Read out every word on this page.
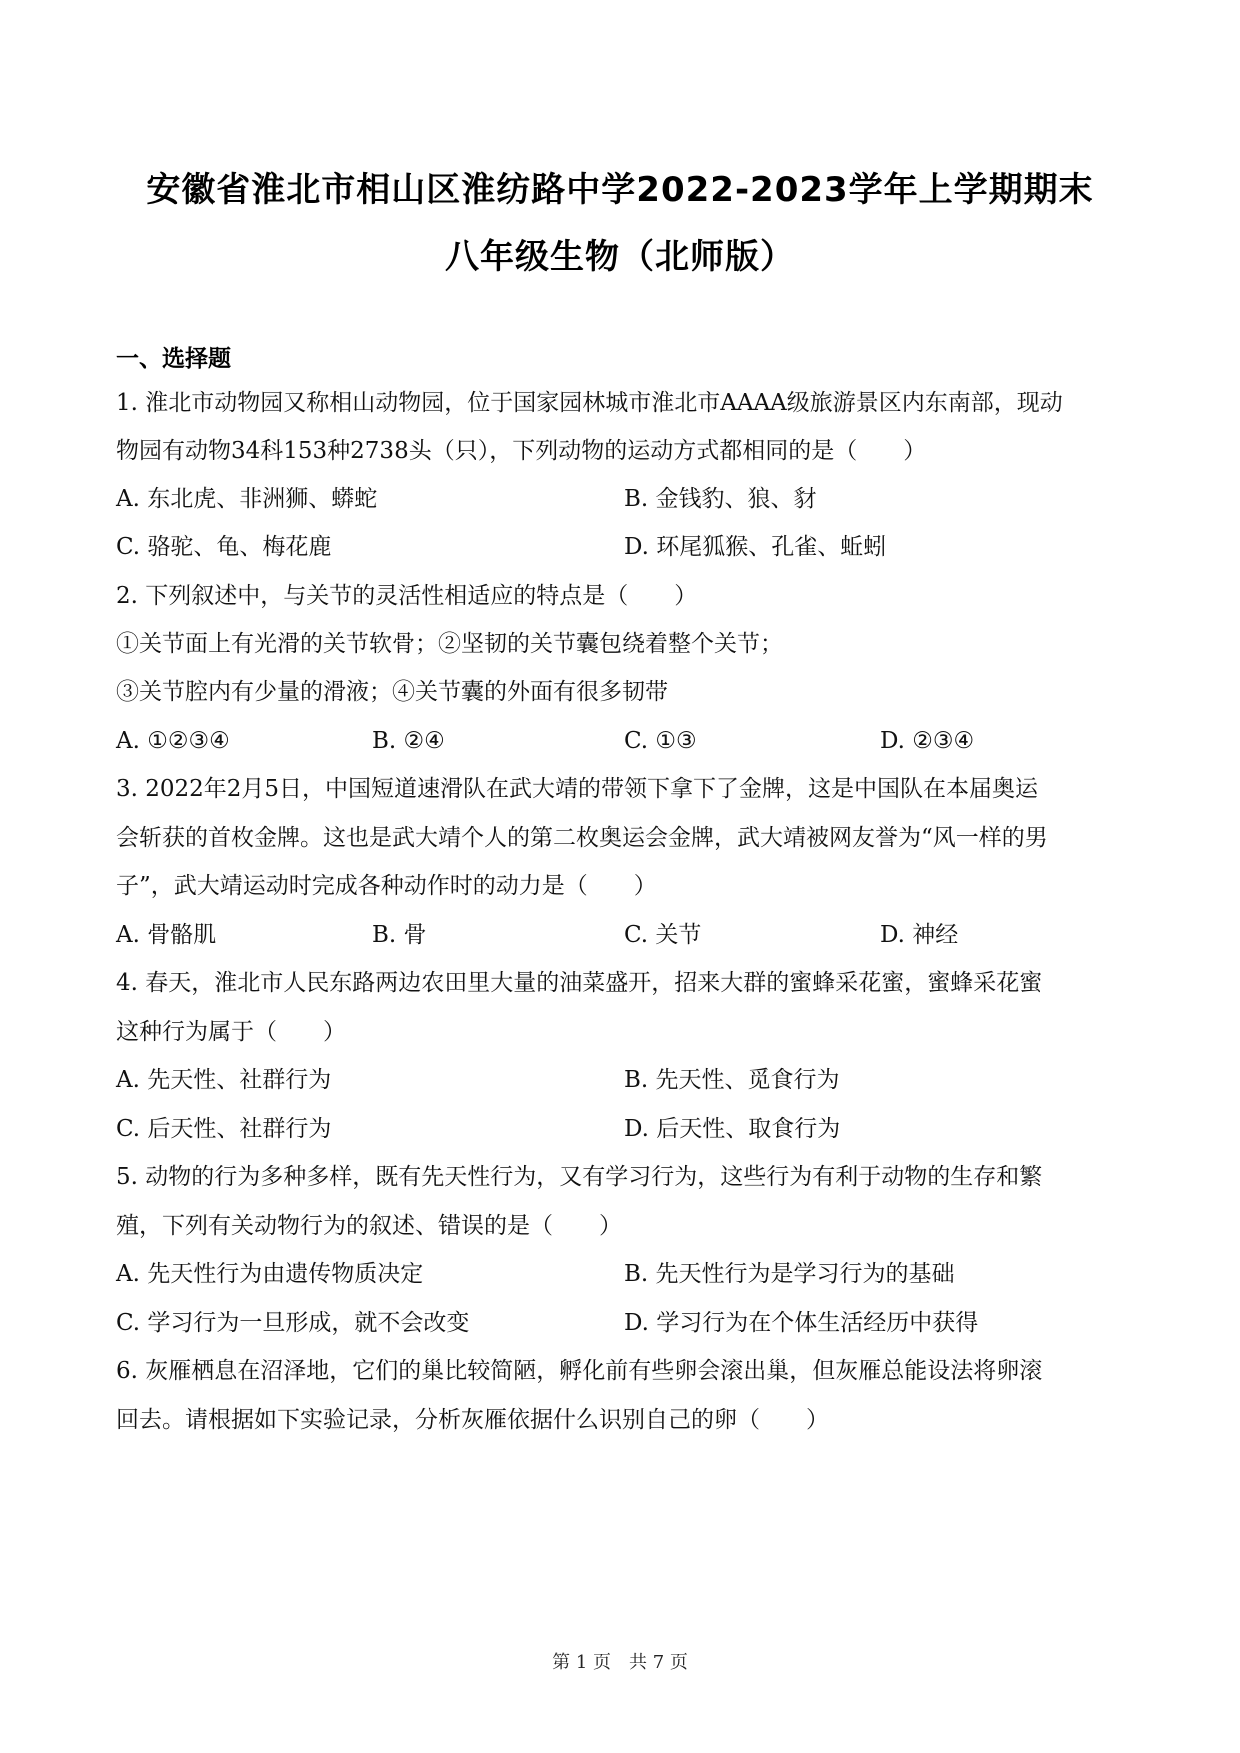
安徽省淮北市相山区淮纺路中学2022-2023学年上学期期末
八年级生物（北师版）
一、选择题
1. 淮北市动物园又称相山动物园，位于国家园林城市淮北市AAAA级旅游景区内东南部，现动
物园有动物34科153种2738头（只），下列动物的运动方式都相同的是（　　）
A. 东北虎、非洲狮、蟒蛇	B. 金钱豹、狼、豺
C. 骆驼、龟、梅花鹿	D. 环尾狐猴、孔雀、蚯蚓
2. 下列叙述中，与关节的灵活性相适应的特点是（　　）
①关节面上有光滑的关节软骨；②坚韧的关节囊包绕着整个关节；
③关节腔内有少量的滑液；④关节囊的外面有很多韧带
A. ①②③④	B. ②④	C. ①③	D. ②③④
3. 2022年2月5日，中国短道速滑队在武大靖的带领下拿下了金牌，这是中国队在本届奥运
会斩获的首枚金牌。这也是武大靖个人的第二枚奥运会金牌，武大靖被网友誉为“风一样的男
子”，武大靖运动时完成各种动作时的动力是（　　）
A. 骨骼肌	B. 骨	C. 关节	D. 神经
4. 春天，淮北市人民东路两边农田里大量的油菜盛开，招来大群的蜜蜂采花蜜，蜜蜂采花蜜
这种行为属于（　　）
A. 先天性、社群行为	B. 先天性、觅食行为
C. 后天性、社群行为	D. 后天性、取食行为
5. 动物的行为多种多样，既有先天性行为，又有学习行为，这些行为有利于动物的生存和繁
殖，下列有关动物行为的叙述、错误的是（　　）
A. 先天性行为由遗传物质决定	B. 先天性行为是学习行为的基础
C. 学习行为一旦形成，就不会改变	D. 学习行为在个体生活经历中获得
6. 灰雁栖息在沼泽地，它们的巢比较简陋，孵化前有些卵会滚出巢，但灰雁总能设法将卵滚
回去。请根据如下实验记录，分析灰雁依据什么识别自己的卵（　　）
第 1 页　共 7 页
